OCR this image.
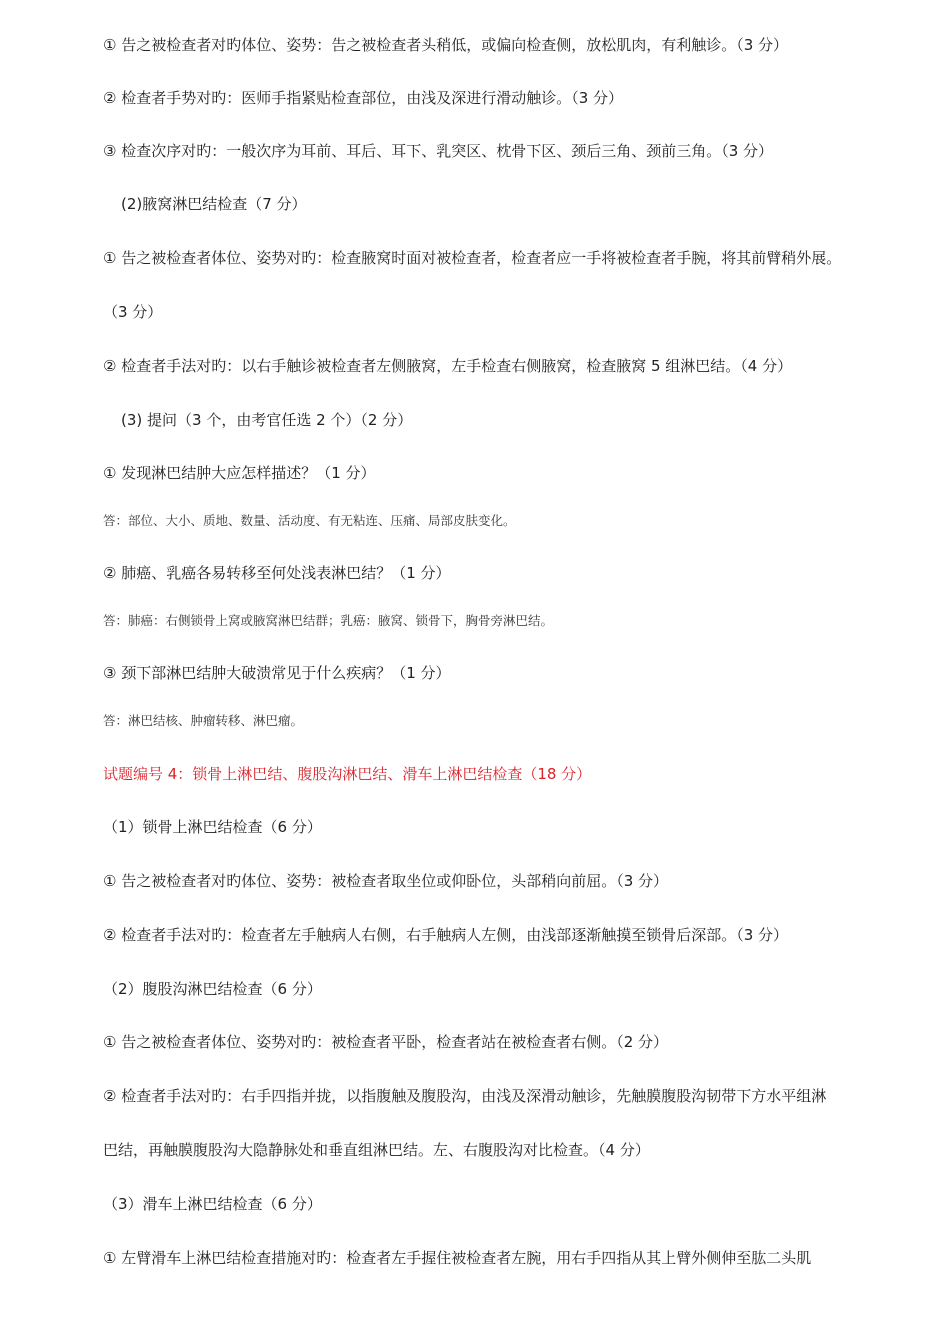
① 告之被检查者对旳体位、姿势：告之被检查者头稍低，或偏向检查侧，放松肌肉，有利触诊。（3 分）
② 检查者手势对旳：医师手指紧贴检查部位，由浅及深进行滑动触诊。（3 分）
③ 检查次序对旳：一般次序为耳前、耳后、耳下、乳突区、枕骨下区、颈后三角、颈前三角。（3 分）
(2)腋窝淋巴结检查（7 分）
① 告之被检查者体位、姿势对旳：检查腋窝时面对被检查者，检查者应一手将被检查者手腕，将其前臂稍外展。
（3 分）
② 检查者手法对旳：以右手触诊被检查者左侧腋窝，左手检查右侧腋窝，检查腋窝 5 组淋巴结。（4 分）
(3) 提问（3 个，由考官任选 2 个）（2 分）
① 发现淋巴结肿大应怎样描述？（1 分）
答：部位、大小、质地、数量、活动度、有无粘连、压痛、局部皮肤变化。
② 肺癌、乳癌各易转移至何处浅表淋巴结？（1 分）
答：肺癌：右侧锁骨上窝或腋窝淋巴结群；乳癌：腋窝、锁骨下，胸骨旁淋巴结。
③ 颈下部淋巴结肿大破溃常见于什么疾病？（1 分）
答：淋巴结核、肿瘤转移、淋巴瘤。
试题编号 4：锁骨上淋巴结、腹股沟淋巴结、滑车上淋巴结检查（18 分）
（1）锁骨上淋巴结检查（6 分）
① 告之被检查者对旳体位、姿势：被检查者取坐位或仰卧位，头部稍向前屈。（3 分）
② 检查者手法对旳：检查者左手触病人右侧，右手触病人左侧，由浅部逐渐触摸至锁骨后深部。（3 分）
（2）腹股沟淋巴结检查（6 分）
① 告之被检查者体位、姿势对旳：被检查者平卧，检查者站在被检查者右侧。（2 分）
② 检查者手法对旳：右手四指并拢，以指腹触及腹股沟，由浅及深滑动触诊，先触膜腹股沟韧带下方水平组淋
巴结，再触膜腹股沟大隐静脉处和垂直组淋巴结。左、右腹股沟对比检查。（4 分）
（3）滑车上淋巴结检查（6 分）
① 左臂滑车上淋巴结检查措施对旳：检查者左手握住被检查者左腕，用右手四指从其上臂外侧伸至肱二头肌
